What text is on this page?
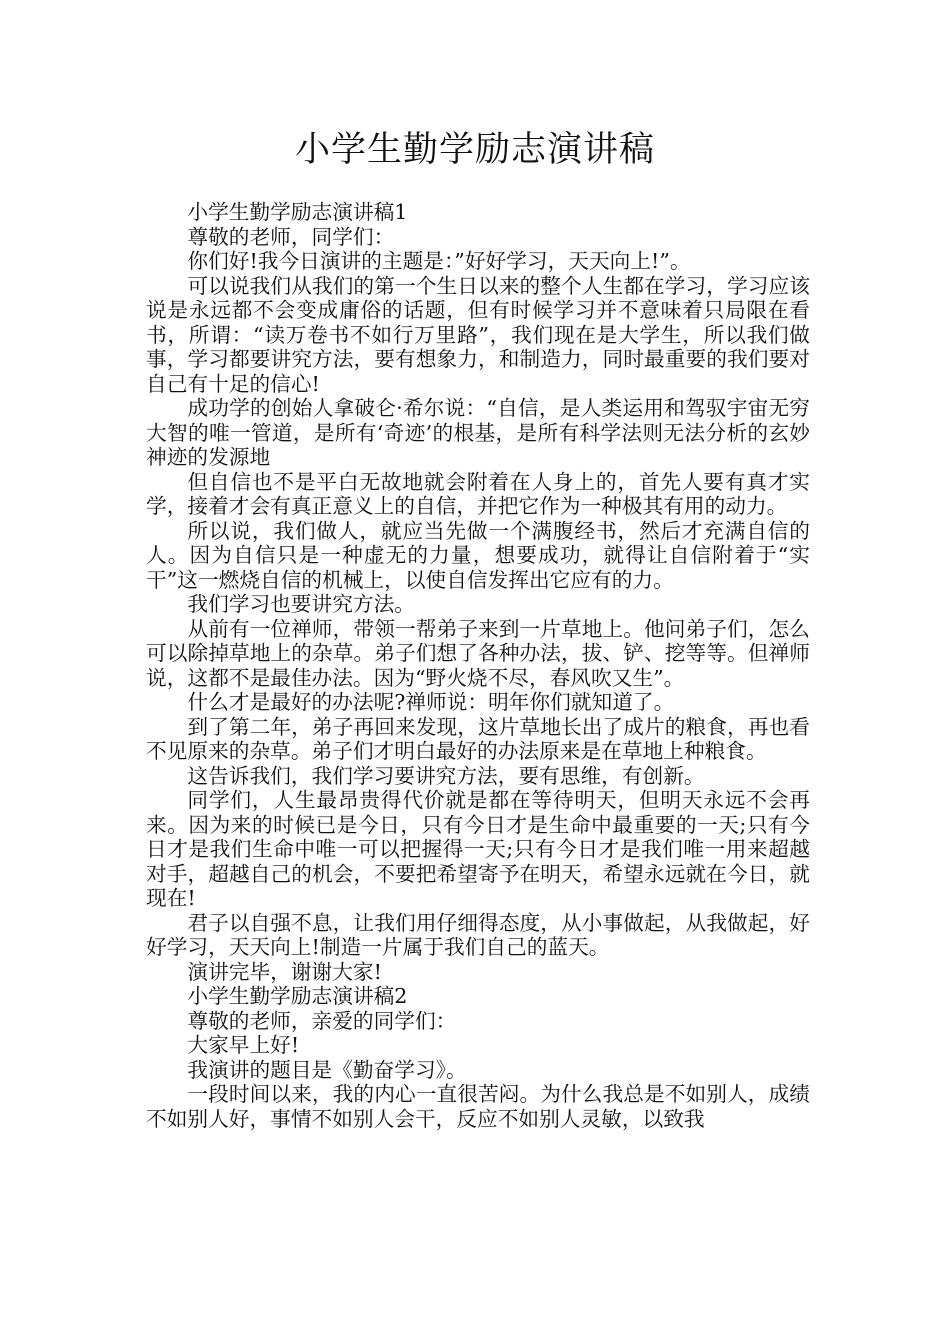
小学生勤学励志演讲稿

小学生勤学励志演讲稿1

尊敬的老师，同学们：

你们好!我今日演讲的主题是：”好好学习，天天向上!”。

可以说我们从我们的第一个生日以来的整个人生都在学习，学习应该说是永远都不会变成庸俗的话题，但有时候学习并不意味着只局限在看书，所谓：“读万卷书不如行万里路”，我们现在是大学生，所以我们做事，学习都要讲究方法，要有想象力，和制造力，同时最重要的我们要对自己有十足的信心!

成功学的创始人拿破仑·希尔说：“自信，是人类运用和驾驭宇宙无穷大智的唯一管道，是所有‘奇迹’的根基，是所有科学法则无法分析的玄妙神迹的发源地

但自信也不是平白无故地就会附着在人身上的，首先人要有真才实学，接着才会有真正意义上的自信，并把它作为一种极其有用的动力。

所以说，我们做人，就应当先做一个满腹经书，然后才充满自信的人。因为自信只是一种虚无的力量，想要成功，就得让自信附着于“实干”这一燃烧自信的机械上，以使自信发挥出它应有的力。

我们学习也要讲究方法。

从前有一位禅师，带领一帮弟子来到一片草地上。他问弟子们，怎么可以除掉草地上的杂草。弟子们想了各种办法，拔、铲、挖等等。但禅师说，这都不是最佳办法。因为“野火烧不尽，春风吹又生”。

什么才是最好的办法呢?禅师说：明年你们就知道了。

到了第二年，弟子再回来发现，这片草地长出了成片的粮食，再也看不见原来的杂草。弟子们才明白最好的办法原来是在草地上种粮食。

这告诉我们，我们学习要讲究方法，要有思维，有创新。

同学们，人生最昂贵得代价就是都在等待明天，但明天永远不会再来。因为来的时候已是今日，只有今日才是生命中最重要的一天;只有今日才是我们生命中唯一可以把握得一天;只有今日才是我们唯一用来超越对手，超越自己的机会，不要把希望寄予在明天，希望永远就在今日，就现在!

君子以自强不息，让我们用仔细得态度，从小事做起，从我做起，好好学习，天天向上!制造一片属于我们自己的蓝天。

演讲完毕，谢谢大家!

小学生勤学励志演讲稿2

尊敬的老师，亲爱的同学们：

大家早上好!

我演讲的题目是《勤奋学习》。

一段时间以来，我的内心一直很苦闷。为什么我总是不如别人，成绩不如别人好，事情不如别人会干，反应不如别人灵敏，以致我
